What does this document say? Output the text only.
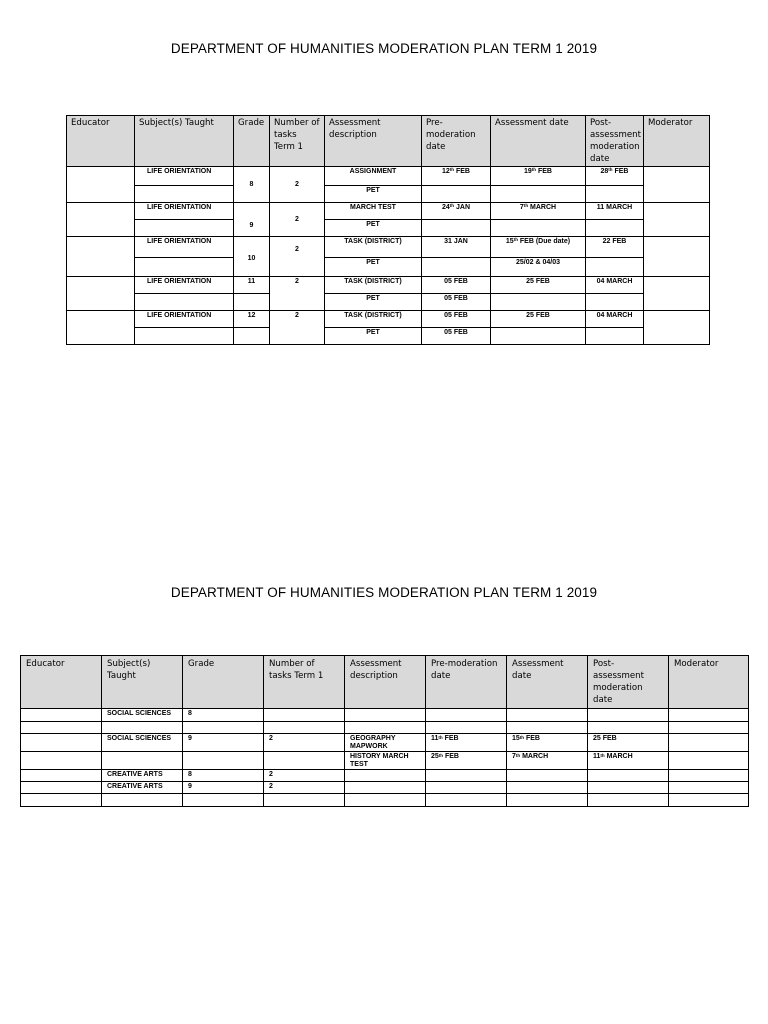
DEPARTMENT OF HUMANITIES MODERATION PLAN TERM 1 2019
Educator	Subject(s) Taught	Grade	Number of tasks Term 1	Assessment description	Pre-moderation date	Assessment date	Post-assessment moderation date	Moderator
	LIFE ORIENTATION	8	2	ASSIGNMENT	12th FEB	19th FEB	28th FEB	
				PET				
	LIFE ORIENTATION	9	2	MARCH TEST	24th JAN	7th MARCH	11 MARCH	
				PET				
	LIFE ORIENTATION	10	2	TASK (DISTRICT)	31 JAN	15th FEB (Due date)	22 FEB	
				PET		25/02 & 04/03		
	LIFE ORIENTATION	11	2	TASK (DISTRICT)	05 FEB	25 FEB	04 MARCH	
				PET	05 FEB			
	LIFE ORIENTATION	12	2	TASK (DISTRICT)	05 FEB	25 FEB	04 MARCH	
				PET	05 FEB			
DEPARTMENT OF HUMANITIES MODERATION PLAN TERM 1 2019
Educator	Subject(s) Taught	Grade	Number of tasks Term 1	Assessment description	Pre-moderation date	Assessment date	Post- assessment moderation date	Moderator
	SOCIAL SCIENCES	8						

	SOCIAL SCIENCES	9	2	GEOGRAPHY MAPWORK	11th FEB	15th FEB	25 FEB	
				HISTORY MARCH TEST	25th FEB	7th MARCH	11th MARCH	
	CREATIVE ARTS	8	2					
	CREATIVE ARTS	9	2					
